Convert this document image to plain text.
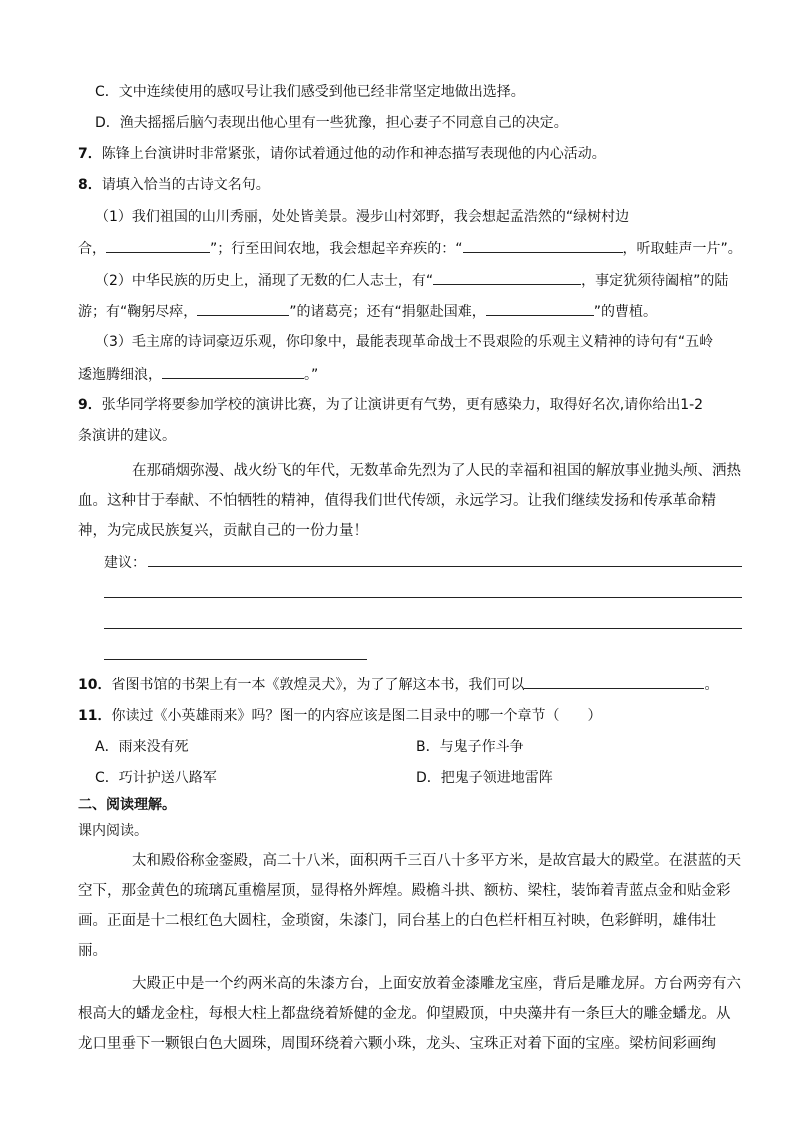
C．文中连续使用的感叹号让我们感受到他已经非常坚定地做出选择。
D．渔夫摇摇后脑勺表现出他心里有一些犹豫，担心妻子不同意自己的决定。
7．陈锋上台演讲时非常紧张，请你试着通过他的动作和神态描写表现他的内心活动。
8．请填入恰当的古诗文名句。
（1）我们祖国的山川秀丽，处处皆美景。漫步山村郊野，我会想起孟浩然的“绿树村边
合，	”；行至田间农地，我会想起辛弃疾的：“	，听取蛙声一片”。
（2）中华民族的历史上，涌现了无数的仁人志士，有“	，事定犹须待阖棺”的陆
游；有“鞠躬尽瘁，	”的诸葛亮；还有“捐躯赴国难，	”的曹植。
（3）毛主席的诗词豪迈乐观，你印象中，最能表现革命战士不畏艰险的乐观主义精神的诗句有“五岭
逶迤腾细浪，	。”
9．张华同学将要参加学校的演讲比赛，为了让演讲更有气势，更有感染力，取得好名次,请你给出1-2
条演讲的建议。
在那硝烟弥漫、战火纷飞的年代，无数革命先烈为了人民的幸福和祖国的解放事业抛头颅、洒热血。这种甘于奉献、不怕牺牲的精神，值得我们世代传颂，永远学习。让我们继续发扬和传承革命精神，为完成民族复兴，贡献自己的一份力量！
建议：
10．省图书馆的书架上有一本《敦煌灵犬》，为了了解这本书，我们可以	。
11．你读过《小英雄雨来》吗？图一的内容应该是图二目录中的哪一个章节（　　）
A．雨来没有死	B．与鬼子作斗争
C．巧计护送八路军	D．把鬼子领进地雷阵
二、阅读理解。
课内阅读。
太和殿俗称金銮殿，高二十八米，面积两千三百八十多平方米，是故宫最大的殿堂。在湛蓝的天空下，那金黄色的琉璃瓦重檐屋顶，显得格外辉煌。殿檐斗拱、额枋、梁柱，装饰着青蓝点金和贴金彩画。正面是十二根红色大圆柱，金琐窗，朱漆门，同台基上的白色栏杆相互衬映，色彩鲜明，雄伟壮丽。
大殿正中是一个约两米高的朱漆方台，上面安放着金漆雕龙宝座，背后是雕龙屏。方台两旁有六根高大的蟠龙金柱，每根大柱上都盘绕着矫健的金龙。仰望殿顶，中央藻井有一条巨大的雕金蟠龙。从龙口里垂下一颗银白色大圆珠，周围环绕着六颗小珠，龙头、宝珠正对着下面的宝座。梁枋间彩画绚
